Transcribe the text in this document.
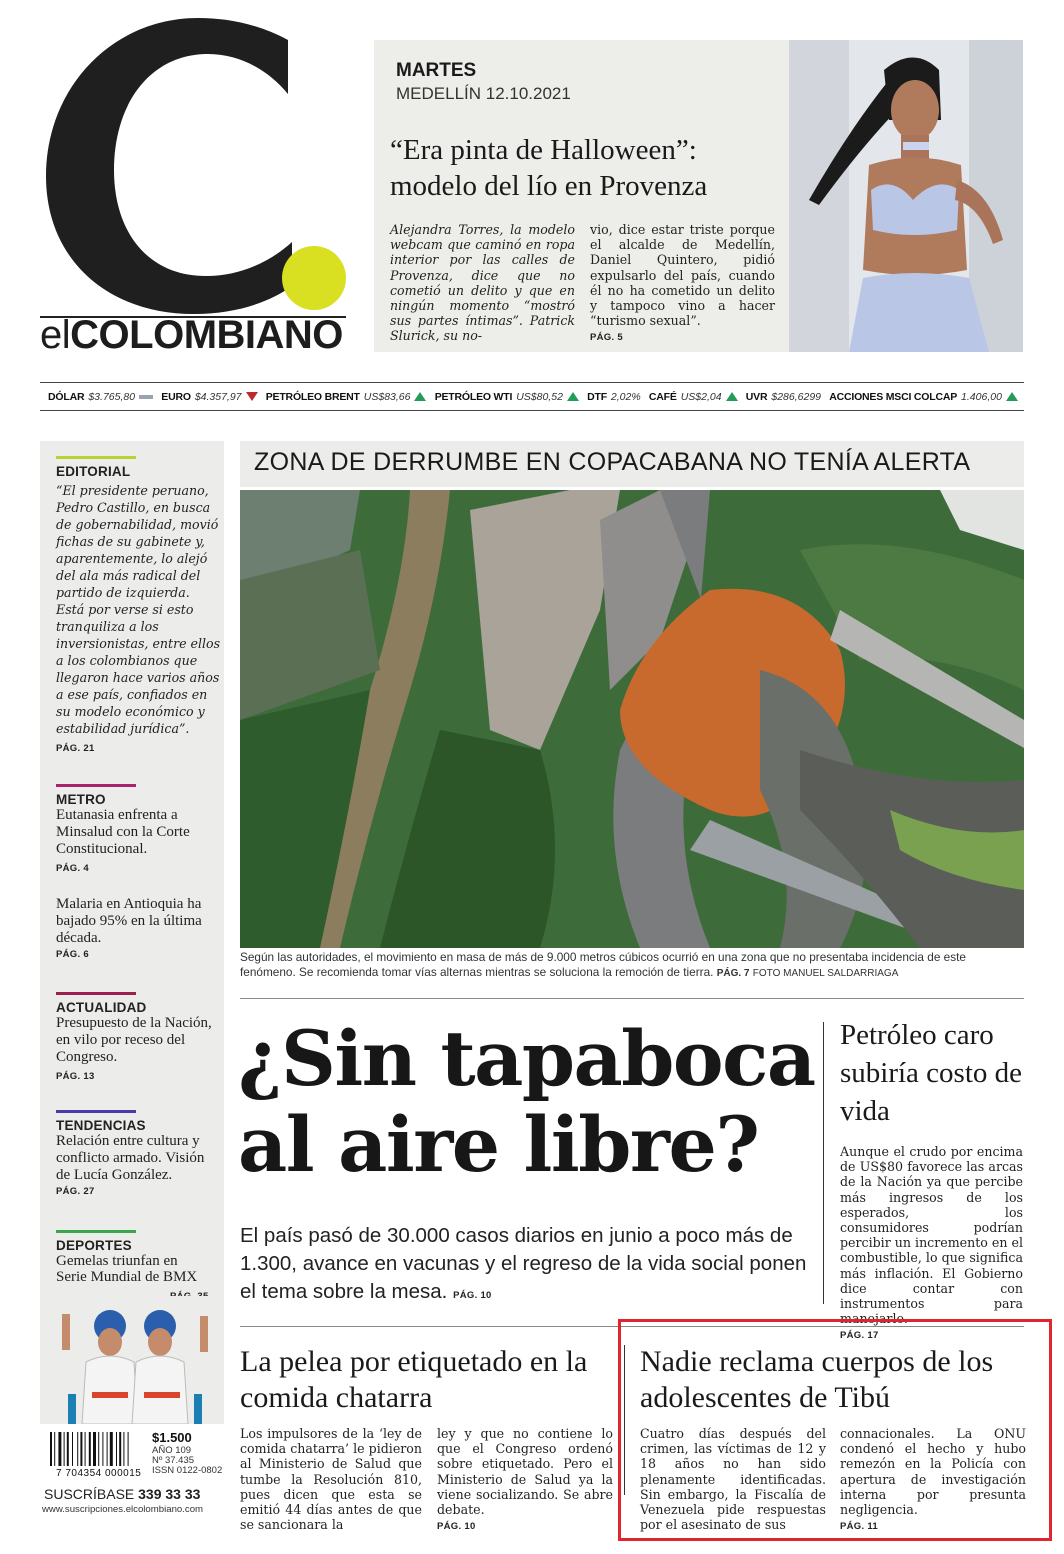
elCOLOMBIANO
MARTES
MEDELLÍN 12.10.2021
“Era pinta de Halloween”: modelo del lío en Provenza
Alejandra Torres, la modelo webcam que caminó en ropa interior por las calles de Provenza, dice que no cometió un delito y que en ningún momento “mostró sus partes íntimas”. Patrick Slurick, su no-
vio, dice estar triste porque el alcalde de Medellín, Daniel Quintero, pidió expulsarlo del país, cuando él no ha cometido un delito y tampoco vino a hacer “turismo sexual”.
PÁG. 5
DÓLAR $3.765,80 EURO $4.357,97 PETRÓLEO BRENT US$83,66 PETRÓLEO WTI US$80,52 DTF 2,02% CAFÉ US$2,04 UVR $286,6299 ACCIONES MSCI COLCAP 1.406,00
EDITORIAL
“El presidente peruano, Pedro Castillo, en busca de gobernabilidad, movió fichas de su gabinete y, aparentemente, lo alejó del ala más radical del partido de izquierda. Está por verse si esto tranquiliza a los inversionistas, entre ellos a los colombianos que llegaron hace varios años a ese país, confiados en su modelo económico y estabilidad jurídica”.
PÁG. 21
METRO
Eutanasia enfrenta a Minsalud con la Corte Constitucional.
PÁG. 4
Malaria en Antioquia ha bajado 95% en la última década.
PÁG. 6
ACTUALIDAD
Presupuesto de la Nación, en vilo por receso del Congreso.
PÁG. 13
TENDENCIAS
Relación entre cultura y conflicto armado. Visión de Lucía González.
PÁG. 27
DEPORTES
Gemelas triunfan en Serie Mundial de BMX
7 704354 000015
$1.500
AÑO 109
Nº 37.435
ISSN 0122-0802
SUSCRÍBASE 339 33 33
www.suscripciones.elcolombiano.com
ZONA DE DERRUMBE EN COPACABANA NO TENÍA ALERTA
Según las autoridades, el movimiento en masa de más de 9.000 metros cúbicos ocurrió en una zona que no presentaba incidencia de este fenómeno. Se recomienda tomar vías alternas mientras se soluciona la remoción de tierra. PÁG. 7 FOTO MANUEL SALDARRIAGA
¿Sin tapaboca al aire libre?
El país pasó de 30.000 casos diarios en junio a poco más de 1.300, avance en vacunas y el regreso de la vida social ponen el tema sobre la mesa. PÁG. 10
Petróleo caro subiría costo de vida
Aunque el crudo por encima de US$80 favorece las arcas de la Nación ya que percibe más ingresos de los esperados, los consumidores podrían percibir un incremento en el combustible, lo que significa más inflación. El Gobierno dice contar con instrumentos para manejarlo.
PÁG. 17
La pelea por etiquetado en la comida chatarra
Los impulsores de la ‘ley de comida chatarra’ le pidieron al Ministerio de Salud que tumbe la Resolución 810, pues dicen que esta se emitió 44 días antes de que se sancionara la
ley y que no contiene lo que el Congreso ordenó sobre etiquetado. Pero el Ministerio de Salud ya la viene socializando. Se abre debate.
PÁG. 10
Nadie reclama cuerpos de los adolescentes de Tibú
Cuatro días después del crimen, las víctimas de 12 y 18 años no han sido plenamente identificadas. Sin embargo, la Fiscalía de Venezuela pide respuestas por el asesinato de sus
connacionales. La ONU condenó el hecho y hubo remezón en la Policía con apertura de investigación interna por presunta negligencia.
PÁG. 11
